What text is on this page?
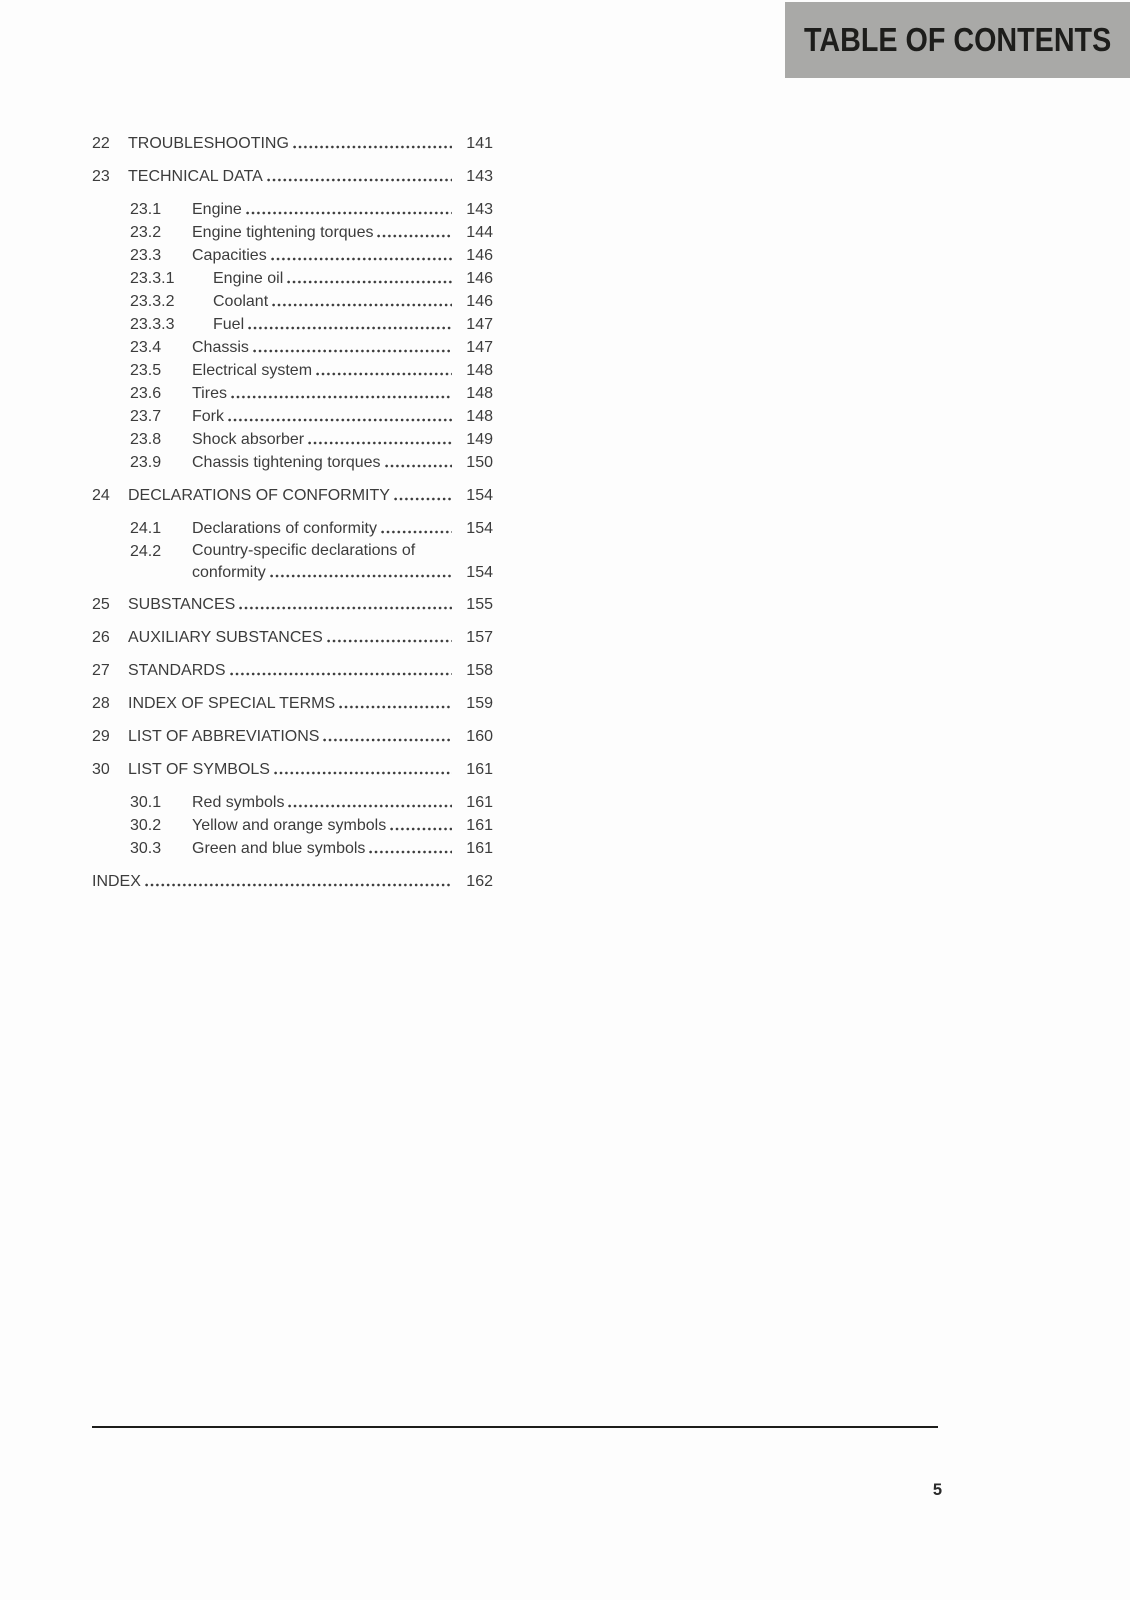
TABLE OF CONTENTS
22	TROUBLESHOOTING	141
23	TECHNICAL DATA	143
23.1	Engine	143
23.2	Engine tightening torques	144
23.3	Capacities	146
23.3.1	Engine oil	146
23.3.2	Coolant	146
23.3.3	Fuel	147
23.4	Chassis	147
23.5	Electrical system	148
23.6	Tires	148
23.7	Fork	148
23.8	Shock absorber	149
23.9	Chassis tightening torques	150
24	DECLARATIONS OF CONFORMITY	154
24.1	Declarations of conformity	154
24.2	Country-specific declarations of
conformity	154
25	SUBSTANCES	155
26	AUXILIARY SUBSTANCES	157
27	STANDARDS	158
28	INDEX OF SPECIAL TERMS	159
29	LIST OF ABBREVIATIONS	160
30	LIST OF SYMBOLS	161
30.1	Red symbols	161
30.2	Yellow and orange symbols	161
30.3	Green and blue symbols	161
INDEX	162
5
